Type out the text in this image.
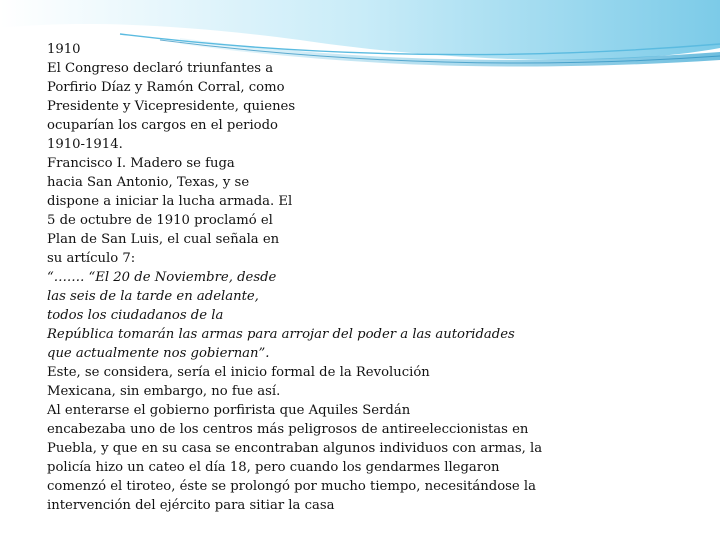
1910
El Congreso declaró triunfantes a
Porfirio Díaz y Ramón Corral, como
Presidente y Vicepresidente, quienes
ocuparían los cargos en el periodo
1910-1914.
Francisco I. Madero se fuga
hacia San Antonio, Texas, y se
dispone a iniciar la lucha armada. El
5 de octubre de 1910 proclamó el
Plan de San Luis, el cual señala en
su artículo 7:
“……. “El 20 de Noviembre, desde
las seis de la tarde en adelante,
todos los ciudadanos de la
República tomarán las armas para arrojar del poder a las autoridades
que actualmente nos gobiernan”.
Este, se considera, sería el inicio formal de la Revolución
Mexicana, sin embargo, no fue así.
Al enterarse el gobierno porfirista que Aquiles Serdán
encabezaba uno de los centros más peligrosos de antireeleccionistas en
Puebla, y que en su casa se encontraban algunos individuos con armas, la
policía hizo un cateo el día 18, pero cuando los gendarmes llegaron
comenzó el tiroteo, éste se prolongó por mucho tiempo, necesitándose la
intervención del ejército para sitiar la casa
